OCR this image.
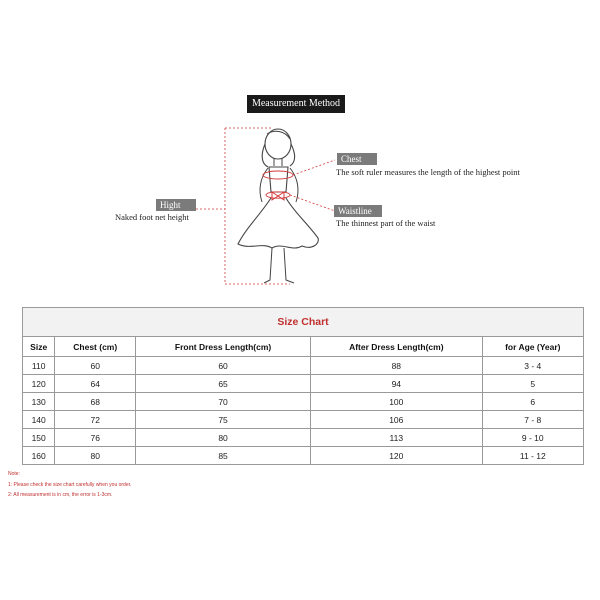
Measurement Method
Chest
The soft ruler measures the length of the highest point
Waistline
The thinnest part of the waist
Hight
Naked foot net height
Size Chart				
Size	Chest (cm)	Front Dress Length(cm)	After Dress Length(cm)	for Age (Year)
110	60	60	88	3 - 4
120	64	65	94	5
130	68	70	100	6
140	72	75	106	7 - 8
150	76	80	113	9 - 10
160	80	85	120	11 - 12
Note:
1: Please check the size chart carefully when you order.
2: All measurement is in cm, the error is 1-3cm.
